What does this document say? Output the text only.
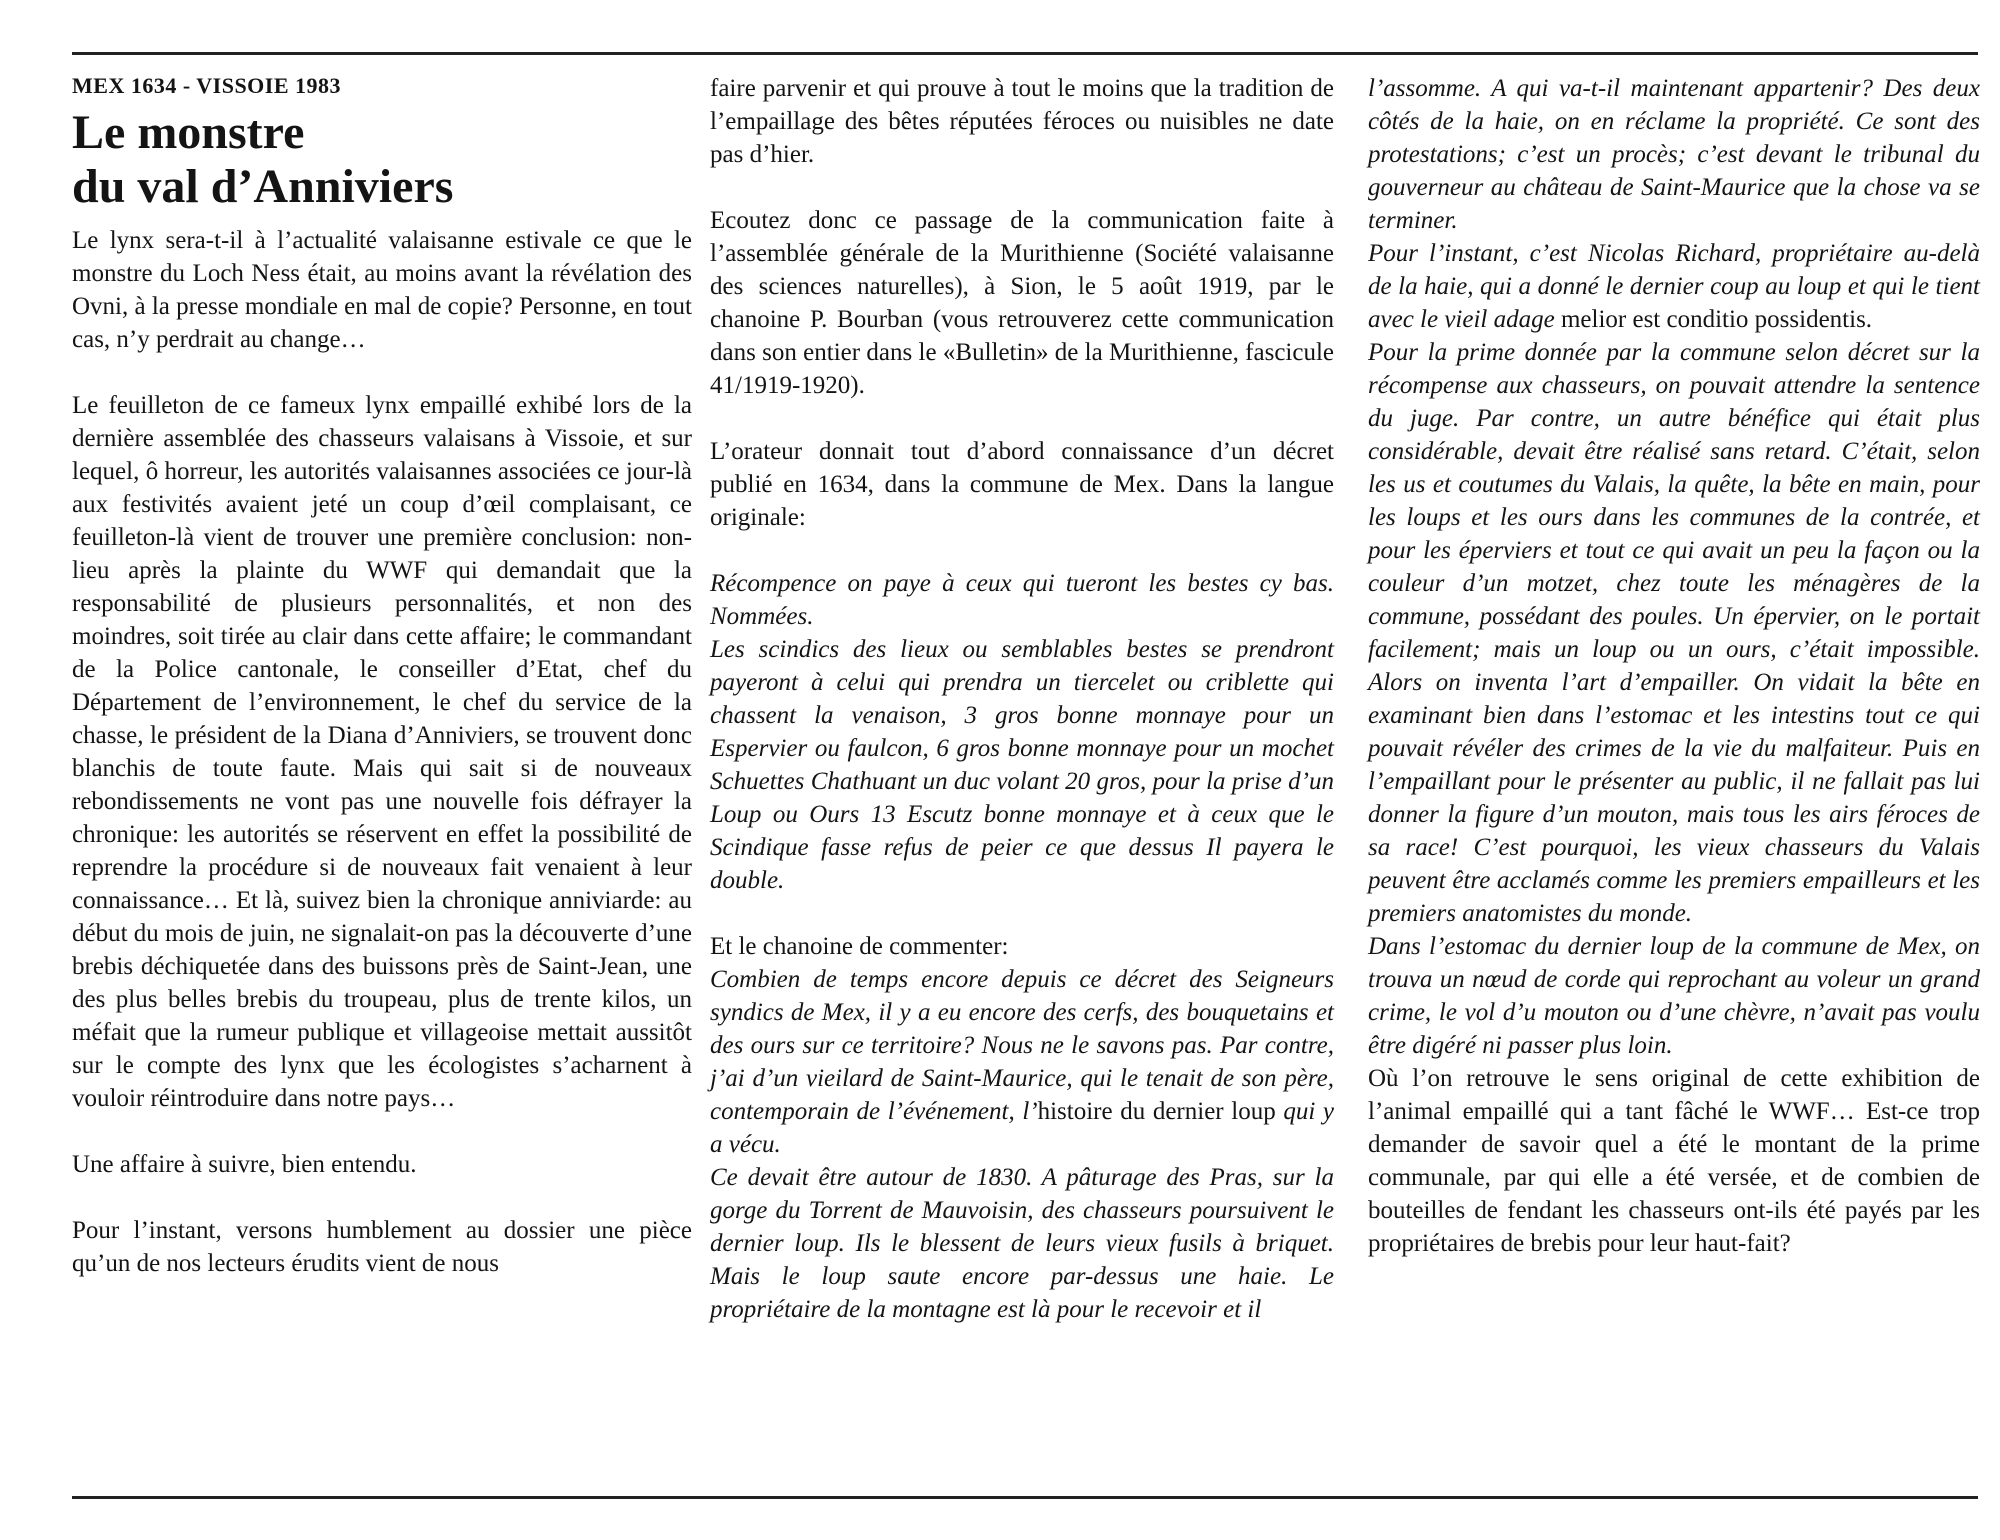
MEX 1634 - VISSOIE 1983
Le monstre
du val d’Anniviers

Le lynx sera-t-il à l’actualité valaisanne estivale ce que le monstre du Loch Ness était, au moins avant la révélation des Ovni, à la presse mondiale en mal de copie? Personne, en tout cas, n’y perdrait au change…

Le feuilleton de ce fameux lynx empaillé exhibé lors de la dernière assemblée des chasseurs valaisans à Vissoie, et sur lequel, ô horreur, les autorités valaisannes associées ce jour-là aux festivités avaient jeté un coup d’œil complaisant, ce feuilleton-là vient de trouver une première conclusion: non-lieu après la plainte du WWF qui demandait que la responsabilité de plusieurs personnalités, et non des moindres, soit tirée au clair dans cette affaire; le commandant de la Police cantonale, le conseiller d’Etat, chef du Département de l’environnement, le chef du service de la chasse, le président de la Diana d’Anniviers, se trouvent donc blanchis de toute faute. Mais qui sait si de nouveaux rebondissements ne vont pas une nouvelle fois défrayer la chronique: les autorités se réservent en effet la possibilité de reprendre la procédure si de nouveaux fait venaient à leur connaissance… Et là, suivez bien la chronique anniviarde: au début du mois de juin, ne signalait-on pas la découverte d’une brebis déchiquetée dans des buissons près de Saint-Jean, une des plus belles brebis du troupeau, plus de trente kilos, un méfait que la rumeur publique et villageoise mettait aussitôt sur le compte des lynx que les écologistes s’acharnent à vouloir réintroduire dans notre pays…

Une affaire à suivre, bien entendu.

Pour l’instant, versons humblement au dossier une pièce qu’un de nos lecteurs érudits vient de nous

faire parvenir et qui prouve à tout le moins que la tradition de l’empaillage des bêtes réputées féroces ou nuisibles ne date pas d’hier.

Ecoutez donc ce passage de la communication faite à l’assemblée générale de la Murithienne (Société valaisanne des sciences naturelles), à Sion, le 5 août 1919, par le chanoine P. Bourban (vous retrouverez cette communication dans son entier dans le «Bulletin» de la Murithienne, fascicule 41/1919-1920).

L’orateur donnait tout d’abord connaissance d’un décret publié en 1634, dans la commune de Mex. Dans la langue originale:

Récompence on paye à ceux qui tueront les bestes cy bas. Nommées.

Les scindics des lieux ou semblables bestes se prendront payeront à celui qui prendra un tiercelet ou criblette qui chassent la venaison, 3 gros bonne monnaye pour un Espervier ou faulcon, 6 gros bonne monnaye pour un mochet Schuettes Chathuant un duc volant 20 gros, pour la prise d’un Loup ou Ours 13 Escutz bonne monnaye et à ceux que le Scindique fasse refus de peier ce que dessus Il payera le double.

Et le chanoine de commenter:

Combien de temps encore depuis ce décret des Seigneurs syndics de Mex, il y a eu encore des cerfs, des bouquetains et des ours sur ce territoire? Nous ne le savons pas. Par contre, j’ai d’un vieilard de Saint-Maurice, qui le tenait de son père, contemporain de l’événement, l’histoire du dernier loup qui y a vécu.

Ce devait être autour de 1830. A pâturage des Pras, sur la gorge du Torrent de Mauvoisin, des chasseurs poursuivent le dernier loup. Ils le blessent de leurs vieux fusils à briquet. Mais le loup saute encore par-dessus une haie. Le propriétaire de la montagne est là pour le recevoir et il

l’assomme. A qui va-t-il maintenant appartenir? Des deux côtés de la haie, on en réclame la propriété. Ce sont des protestations; c’est un procès; c’est devant le tribunal du gouverneur au château de Saint-Maurice que la chose va se terminer.

Pour l’instant, c’est Nicolas Richard, propriétaire au-delà de la haie, qui a donné le dernier coup au loup et qui le tient avec le vieil adage melior est conditio possidentis.

Pour la prime donnée par la commune selon décret sur la récompense aux chasseurs, on pouvait attendre la sentence du juge. Par contre, un autre bénéfice qui était plus considérable, devait être réalisé sans retard. C’était, selon les us et coutumes du Valais, la quête, la bête en main, pour les loups et les ours dans les communes de la contrée, et pour les éperviers et tout ce qui avait un peu la façon ou la couleur d’un motzet, chez toute les ménagères de la commune, possédant des poules. Un épervier, on le portait facilement; mais un loup ou un ours, c’était impossible. Alors on inventa l’art d’empailler. On vidait la bête en examinant bien dans l’estomac et les intestins tout ce qui pouvait révéler des crimes de la vie du malfaiteur. Puis en l’empaillant pour le présenter au public, il ne fallait pas lui donner la figure d’un mouton, mais tous les airs féroces de sa race! C’est pourquoi, les vieux chasseurs du Valais peuvent être acclamés comme les premiers empailleurs et les premiers anatomistes du monde.

Dans l’estomac du dernier loup de la commune de Mex, on trouva un nœud de corde qui reprochant au voleur un grand crime, le vol d’u mouton ou d’une chèvre, n’avait pas voulu être digéré ni passer plus loin.

Où l’on retrouve le sens original de cette exhibition de l’animal empaillé qui a tant fâché le WWF… Est-ce trop demander de savoir quel a été le montant de la prime communale, par qui elle a été versée, et de combien de bouteilles de fendant les chasseurs ont-ils été payés par les propriétaires de brebis pour leur haut-fait?
